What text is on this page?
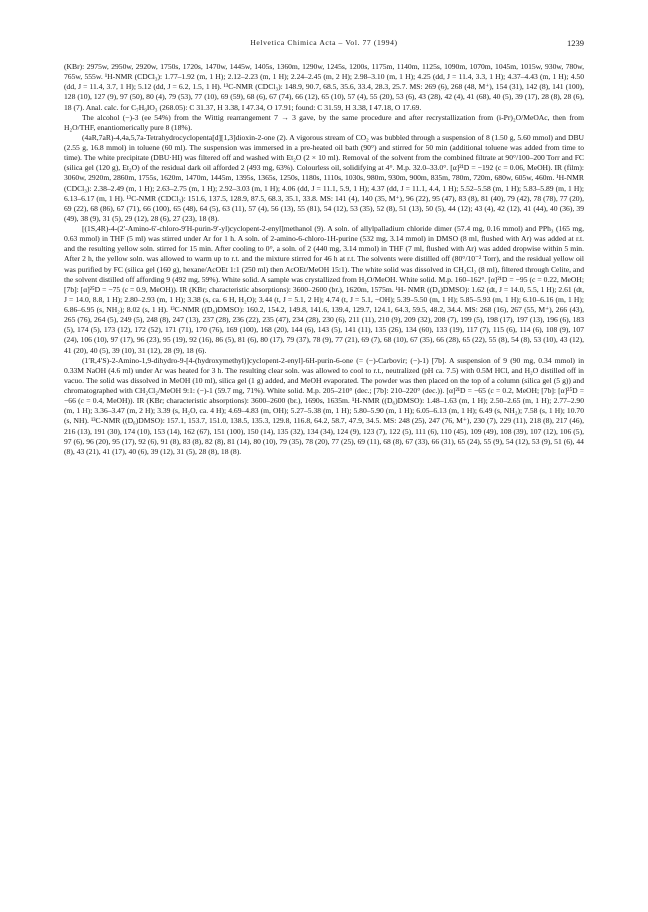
Helvetica Chimica Acta – Vol. 77 (1994)	1239

(KBr): 2975w, 2950w, 2920w, 1750s, 1720s, 1470w, 1445w, 1405s, 1360m, 1290w, 1245s, 1200s, 1175m, 1140m, 1125s, 1090m, 1070m, 1045m, 1015w, 930w, 780w, 765w, 555w. ¹H-NMR (CDCl₃): 1.77–1.92 (m, 1 H); 2.12–2.23 (m, 1 H); 2.24–2.45 (m, 2 H); 2.98–3.10 (m, 1 H); 4.25 (dd, J = 11.4, 3.3, 1 H); 4.37–4.43 (m, 1 H); 4.50 (dd, J = 11.4, 3.7, 1 H); 5.12 (dd, J = 6.2, 1.5, 1 H). ¹³C-NMR (CDCl₃): 148.9, 90.7, 68.5, 35.6, 33.4, 28.3, 25.7. MS: 269 (6), 268 (48, M⁺), 154 (31), 142 (8), 141 (100), 128 (10), 127 (9), 97 (50), 80 (4), 79 (53), 77 (10), 69 (59), 68 (6), 67 (74), 66 (12), 65 (10), 57 (4), 55 (20), 53 (6), 43 (28), 42 (4), 41 (68), 40 (5), 39 (17), 28 (8), 28 (6), 18 (7). Anal. calc. for C₇H₉IO₃ (268.05): C 31.37, H 3.38, I 47.34, O 17.91; found: C 31.59, H 3.38, I 47.18, O 17.69.

The alcohol (−)-3 (ee 54%) from the Wittig rearrangement 7 → 3 gave, by the same procedure and after recrystallization from (i-Pr)₂O/MeOAc, then from H₂O/THF, enantiomerically pure 8 (18%).

(4aR,7aR)-4,4a,5,7a-Tetrahydrocyclopenta[d][1,3]dioxin-2-one (2). A vigorous stream of CO₂ was bubbled through a suspension of 8 (1.50 g, 5.60 mmol) and DBU (2.55 g, 16.8 mmol) in toluene (60 ml). The suspension was immersed in a pre-heated oil bath (90°) and stirred for 50 min (additional toluene was added from time to time). The white precipitate (DBU·HI) was filtered off and washed with Et₂O (2 × 10 ml). Removal of the solvent from the combined filtrate at 90°/100–200 Torr and FC (silica gel (120 g), Et₂O) of the residual dark oil afforded 2 (493 mg, 63%). Colourless oil, solidifying at 4°. M.p. 32.0–33.0°. [α]²¹D = −192 (c = 0.06, MeOH). IR (film): 3060w, 2920m, 2860m, 1755s, 1620m, 1470m, 1445m, 1395s, 1365s, 1250s, 1180s, 1110s, 1030s, 980m, 930m, 900m, 835m, 780m, 720m, 680w, 605w, 460m. ¹H-NMR (CDCl₃): 2.38–2.49 (m, 1 H); 2.63–2.75 (m, 1 H); 2.92–3.03 (m, 1 H); 4.06 (dd, J = 11.1, 5.9, 1 H); 4.37 (dd, J = 11.1, 4.4, 1 H); 5.52–5.58 (m, 1 H); 5.83–5.89 (m, 1 H); 6.13–6.17 (m, 1 H). ¹³C-NMR (CDCl₃): 151.6, 137.5, 128.9, 87.5, 68.3, 35.1, 33.8. MS: 141 (4), 140 (35, M⁺), 96 (22), 95 (47), 83 (8), 81 (40), 79 (42), 78 (78), 77 (20), 69 (22), 68 (86), 67 (71), 66 (100), 65 (48), 64 (5), 63 (11), 57 (4), 56 (13), 55 (81), 54 (12), 53 (35), 52 (8), 51 (13), 50 (5), 44 (12); 43 (4), 42 (12), 41 (44), 40 (36), 39 (49), 38 (9), 31 (5), 29 (12), 28 (6), 27 (23), 18 (8).

[(1S,4R)-4-(2′-Amino-6′-chloro-9′H-purin-9′-yl)cyclopent-2-enyl]methanol (9). A soln. of allylpalladium chloride dimer (57.4 mg, 0.16 mmol) and PPh₃ (165 mg, 0.63 mmol) in THF (5 ml) was stirred under Ar for 1 h. A soln. of 2-amino-6-chloro-1H-purine (532 mg, 3.14 mmol) in DMSO (8 ml, flushed with Ar) was added at r.t. and the resulting yellow soln. stirred for 15 min. After cooling to 0°, a soln. of 2 (440 mg, 3.14 mmol) in THF (7 ml, flushed with Ar) was added dropwise within 5 min. After 2 h, the yellow soln. was allowed to warm up to r.t. and the mixture stirred for 46 h at r.t. The solvents were distilled off (80°/10⁻² Torr), and the residual yellow oil was purified by FC (silica gel (160 g), hexane/AcOEt 1:1 (250 ml) then AcOEt/MeOH 15:1). The white solid was dissolved in CH₂Cl₂ (8 ml), filtered through Celite, and the solvent distilled off affording 9 (492 mg, 59%). White solid. A sample was crystallized from H₂O/MeOH. White solid. M.p. 160–162°. [α]²¹D = −95 (c = 0.22, MeOH; [7b]: [α]²⁵D = −75 (c = 0.9, MeOH)). IR (KBr; characteristic absorptions): 3600–2600 (br.), 1620m, 1575m. ¹H- NMR ((D₆)DMSO): 1.62 (dt, J = 14.0, 5.5, 1 H); 2.61 (dt, J = 14.0, 8.8, 1 H); 2.80–2.93 (m, 1 H); 3.38 (s, ca. 6 H, H₂O); 3.44 (t, J = 5.1, 2 H); 4.74 (t, J = 5.1, −OH); 5.39–5.50 (m, 1 H); 5.85–5.93 (m, 1 H); 6.10–6.16 (m, 1 H); 6.86–6.95 (s, NH₂); 8.02 (s, 1 H). ¹³C-NMR ((D₆)DMSO): 160.2, 154.2, 149.8, 141.6, 139.4, 129.7, 124.1, 64.3, 59.5, 48.2, 34.4. MS: 268 (16), 267 (55, M⁺), 266 (43), 265 (76), 264 (5), 249 (5), 248 (8), 247 (13), 237 (28), 236 (22), 235 (47), 234 (28), 230 (6), 211 (11), 210 (9), 209 (32), 208 (7), 199 (5), 198 (17), 197 (13), 196 (6), 183 (5), 174 (5), 173 (12), 172 (52), 171 (71), 170 (76), 169 (100), 168 (20), 144 (6), 143 (5), 141 (11), 135 (26), 134 (60), 133 (19), 117 (7), 115 (6), 114 (6), 108 (9), 107 (24), 106 (10), 97 (17), 96 (23), 95 (19), 92 (16), 86 (5), 81 (6), 80 (17), 79 (37), 78 (9), 77 (21), 69 (7), 68 (10), 67 (35), 66 (28), 65 (22), 55 (8), 54 (8), 53 (10), 43 (12), 41 (20), 40 (5), 39 (10), 31 (12), 28 (9), 18 (6).

(1′R,4′S)-2-Amino-1,9-dihydro-9-[4-(hydroxymethyl)]cyclopent-2-enyl]-6H-purin-6-one (= (−)-Carbovir; (−)-1) [7b]. A suspension of 9 (90 mg, 0.34 mmol) in 0.33M NaOH (4.6 ml) under Ar was heated for 3 h. The resulting clear soln. was allowed to cool to r.t., neutralized (pH ca. 7.5) with 0.5M HCl, and H₂O distilled off in vacuo. The solid was dissolved in MeOH (10 ml), silica gel (1 g) added, and MeOH evaporated. The powder was then placed on the top of a column (silica gel (5 g)) and chromatographed with CH₂Cl₂/MeOH 9:1: (−)-1 (59.7 mg, 71%). White solid. M.p. 205–210° (dec.; [7b]: 210–220° (dec.)). [α]²¹D = −65 (c = 0.2, MeOH; [7b]: [α]²⁵D = −66 (c = 0.4, MeOH)). IR (KBr; characteristic absorptions): 3600–2600 (br.), 1690s, 1635m. ¹H-NMR ((D₆)DMSO): 1.48–1.63 (m, 1 H); 2.50–2.65 (m, 1 H); 2.77–2.90 (m, 1 H); 3.36–3.47 (m, 2 H); 3.39 (s, H₂O, ca. 4 H); 4.69–4.83 (m, OH); 5.27–5.38 (m, 1 H); 5.80–5.90 (m, 1 H); 6.05–6.13 (m, 1 H); 6.49 (s, NH₂); 7.58 (s, 1 H); 10.70 (s, NH). ¹³C-NMR ((D₆)DMSO): 157.1, 153.7, 151.0, 138.5, 135.3, 129.8, 116.8, 64.2, 58.7, 47.9, 34.5. MS: 248 (25), 247 (76, M⁺), 230 (7), 229 (11), 218 (8), 217 (46), 216 (13), 191 (30), 174 (10), 153 (14), 162 (67), 151 (100), 150 (14), 135 (32), 134 (34), 124 (9), 123 (7), 122 (5), 111 (6), 110 (45), 109 (49), 108 (39), 107 (12), 106 (5), 97 (6), 96 (20), 95 (17), 92 (6), 91 (8), 83 (8), 82 (8), 81 (14), 80 (10), 79 (35), 78 (20), 77 (25), 69 (11), 68 (8), 67 (33), 66 (31), 65 (24), 55 (9), 54 (12), 53 (9), 51 (6), 44 (8), 43 (21), 41 (17), 40 (6), 39 (12), 31 (5), 28 (8), 18 (8).
